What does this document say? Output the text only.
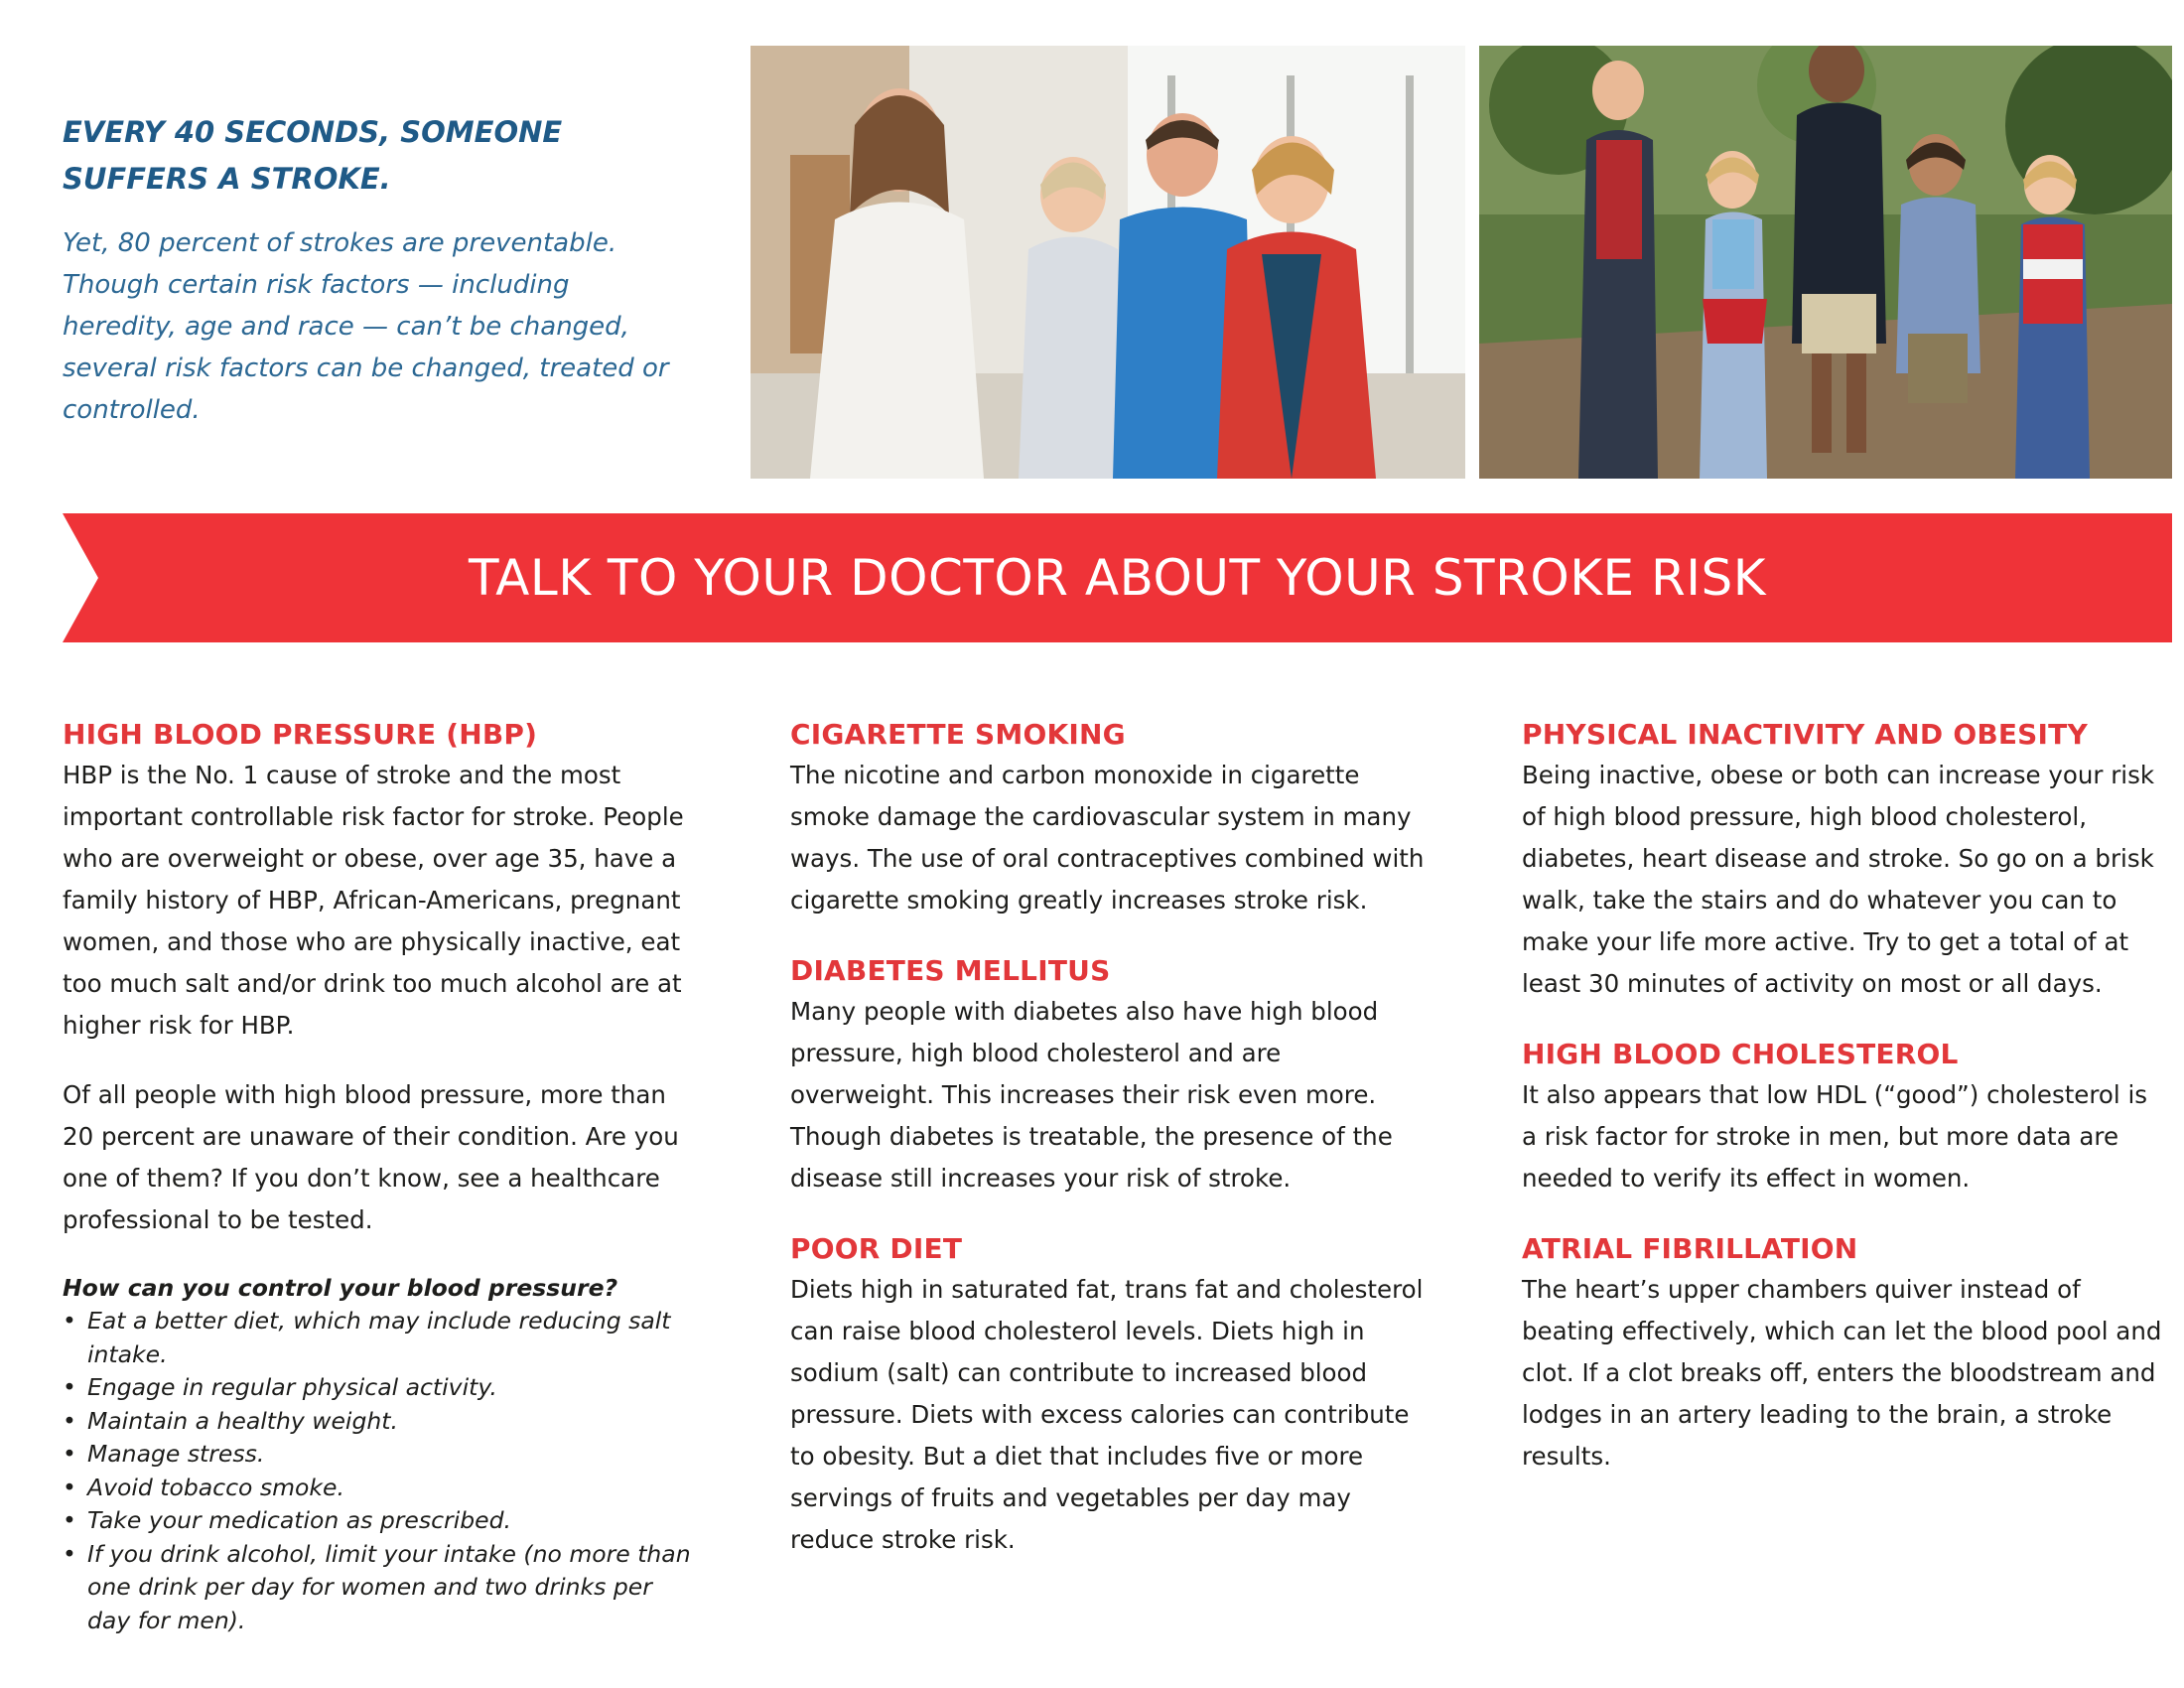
EVERY 40 SECONDS, SOMEONE SUFFERS A STROKE.

Yet, 80 percent of strokes are preventable. Though certain risk factors — including heredity, age and race — can’t be changed, several risk factors can be changed, treated or controlled.

TALK TO YOUR DOCTOR ABOUT YOUR STROKE RISK

HIGH BLOOD PRESSURE (HBP)

HBP is the No. 1 cause of stroke and the most important controllable risk factor for stroke. People who are overweight or obese, over age 35, have a family history of HBP, African-Americans, pregnant women, and those who are physically inactive, eat too much salt and/or drink too much alcohol are at higher risk for HBP.

Of all people with high blood pressure, more than 20 percent are unaware of their condition. Are you one of them? If you don’t know, see a healthcare professional to be tested.

How can you control your blood pressure?

• Eat a better diet, which may include reducing salt intake.
• Engage in regular physical activity.
• Maintain a healthy weight.
• Manage stress.
• Avoid tobacco smoke.
• Take your medication as prescribed.
• If you drink alcohol, limit your intake (no more than one drink per day for women and two drinks per day for men).
CIGARETTE SMOKING

The nicotine and carbon monoxide in cigarette smoke damage the cardiovascular system in many ways. The use of oral contraceptives combined with cigarette smoking greatly increases stroke risk.

DIABETES MELLITUS

Many people with diabetes also have high blood pressure, high blood cholesterol and are overweight. This increases their risk even more. Though diabetes is treatable, the presence of the disease still increases your risk of stroke.

POOR DIET

Diets high in saturated fat, trans fat and cholesterol can raise blood cholesterol levels. Diets high in sodium (salt) can contribute to increased blood pressure. Diets with excess calories can contribute to obesity. But a diet that includes five or more servings of fruits and vegetables per day may reduce stroke risk.

PHYSICAL INACTIVITY AND OBESITY

Being inactive, obese or both can increase your risk of high blood pressure, high blood cholesterol, diabetes, heart disease and stroke. So go on a brisk walk, take the stairs and do whatever you can to make your life more active. Try to get a total of at least 30 minutes of activity on most or all days.

HIGH BLOOD CHOLESTEROL

It also appears that low HDL (“good”) cholesterol is a risk factor for stroke in men, but more data are needed to verify its effect in women.

ATRIAL FIBRILLATION

The heart’s upper chambers quiver instead of beating effectively, which can let the blood pool and clot. If a clot breaks off, enters the bloodstream and lodges in an artery leading to the brain, a stroke results.
